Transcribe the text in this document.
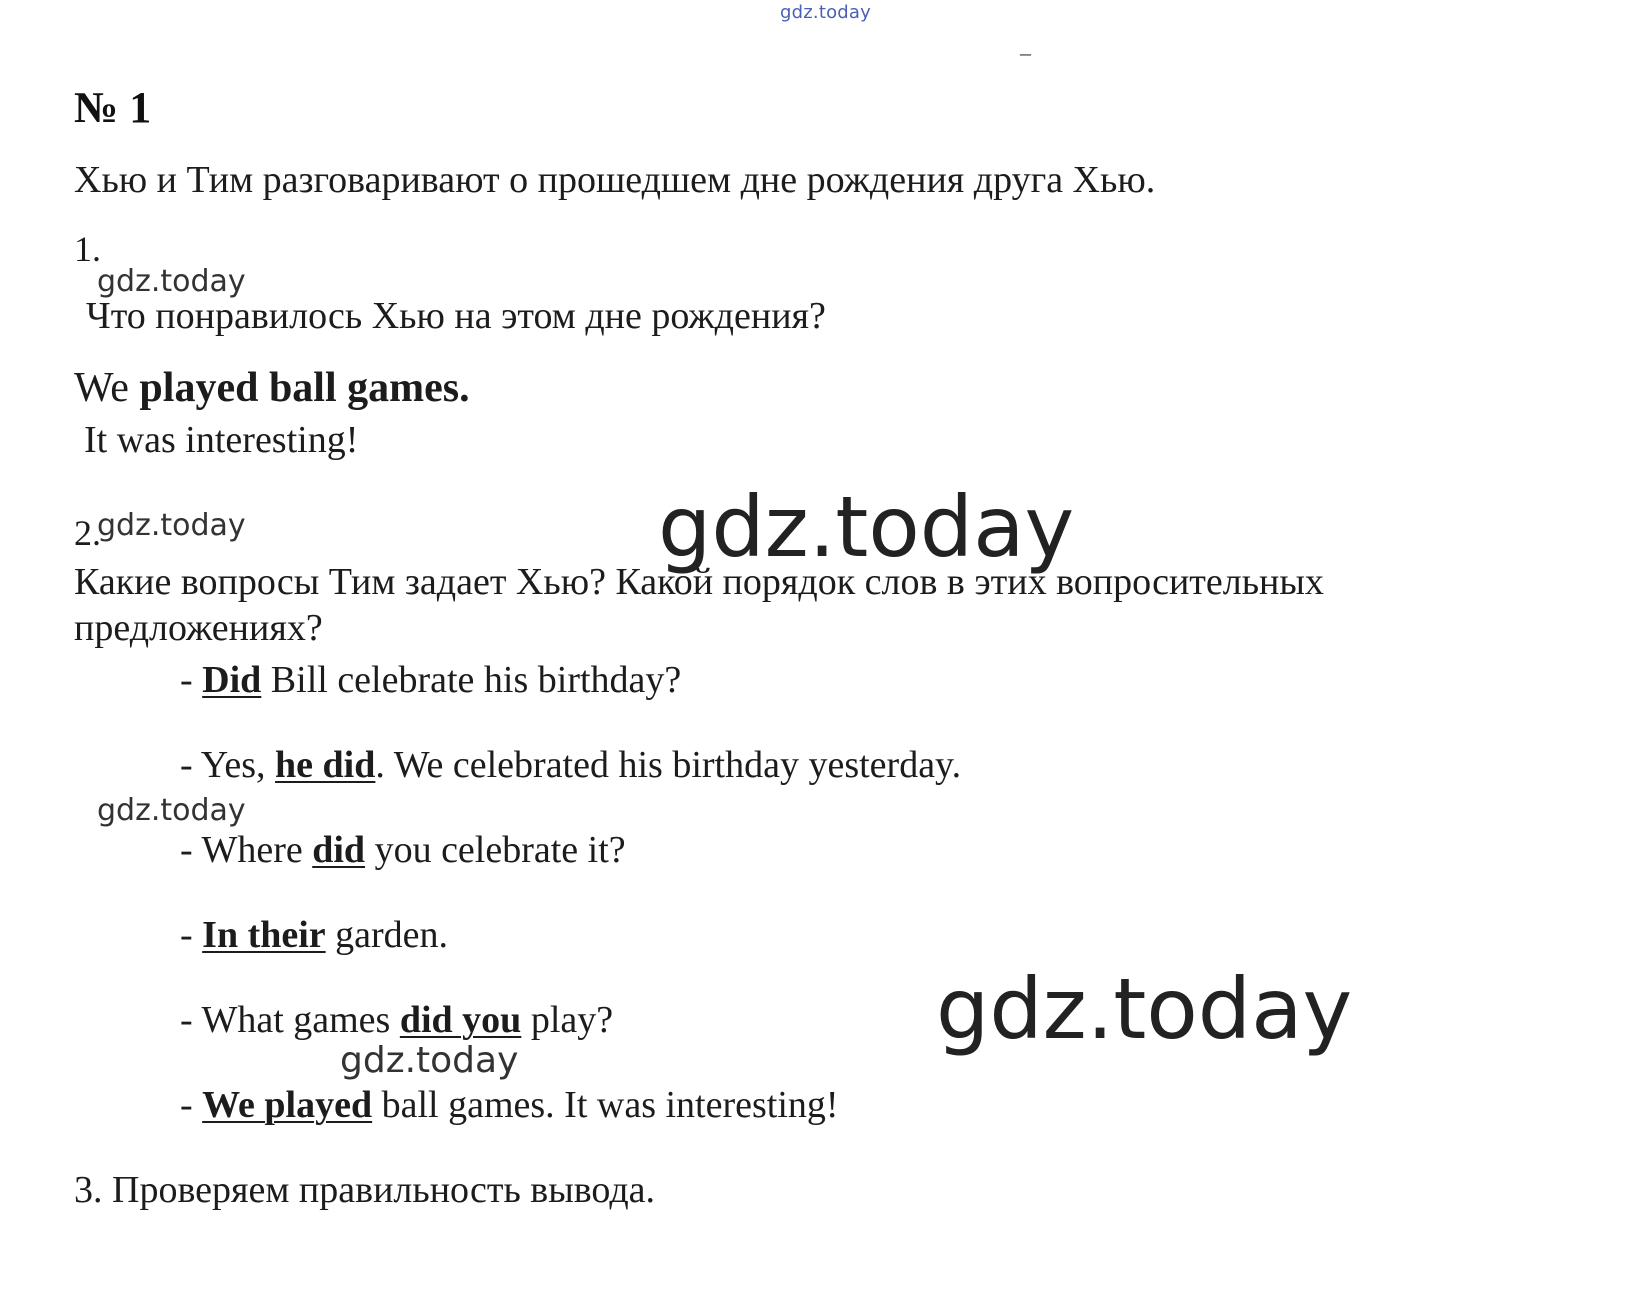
gdz.today
–
№ 1
Хью и Тим разговаривают о прошедшем дне рождения друга Хью.
1.
gdz.today
Что понравилось Хью на этом дне рождения?
We played ball games.
It was interesting!
2.
gdz.today	gdz.today
Какие вопросы Тим задает Хью? Какой порядок слов в этих вопросительных
предложениях?
- Did Bill celebrate his birthday?
- Yes, he did. We celebrated his birthday yesterday.
gdz.today
- Where did you celebrate it?
- In their garden.
- What games did you play?	gdz.today
gdz.today
- We played ball games. It was interesting!
3. Проверяем правильность вывода.
